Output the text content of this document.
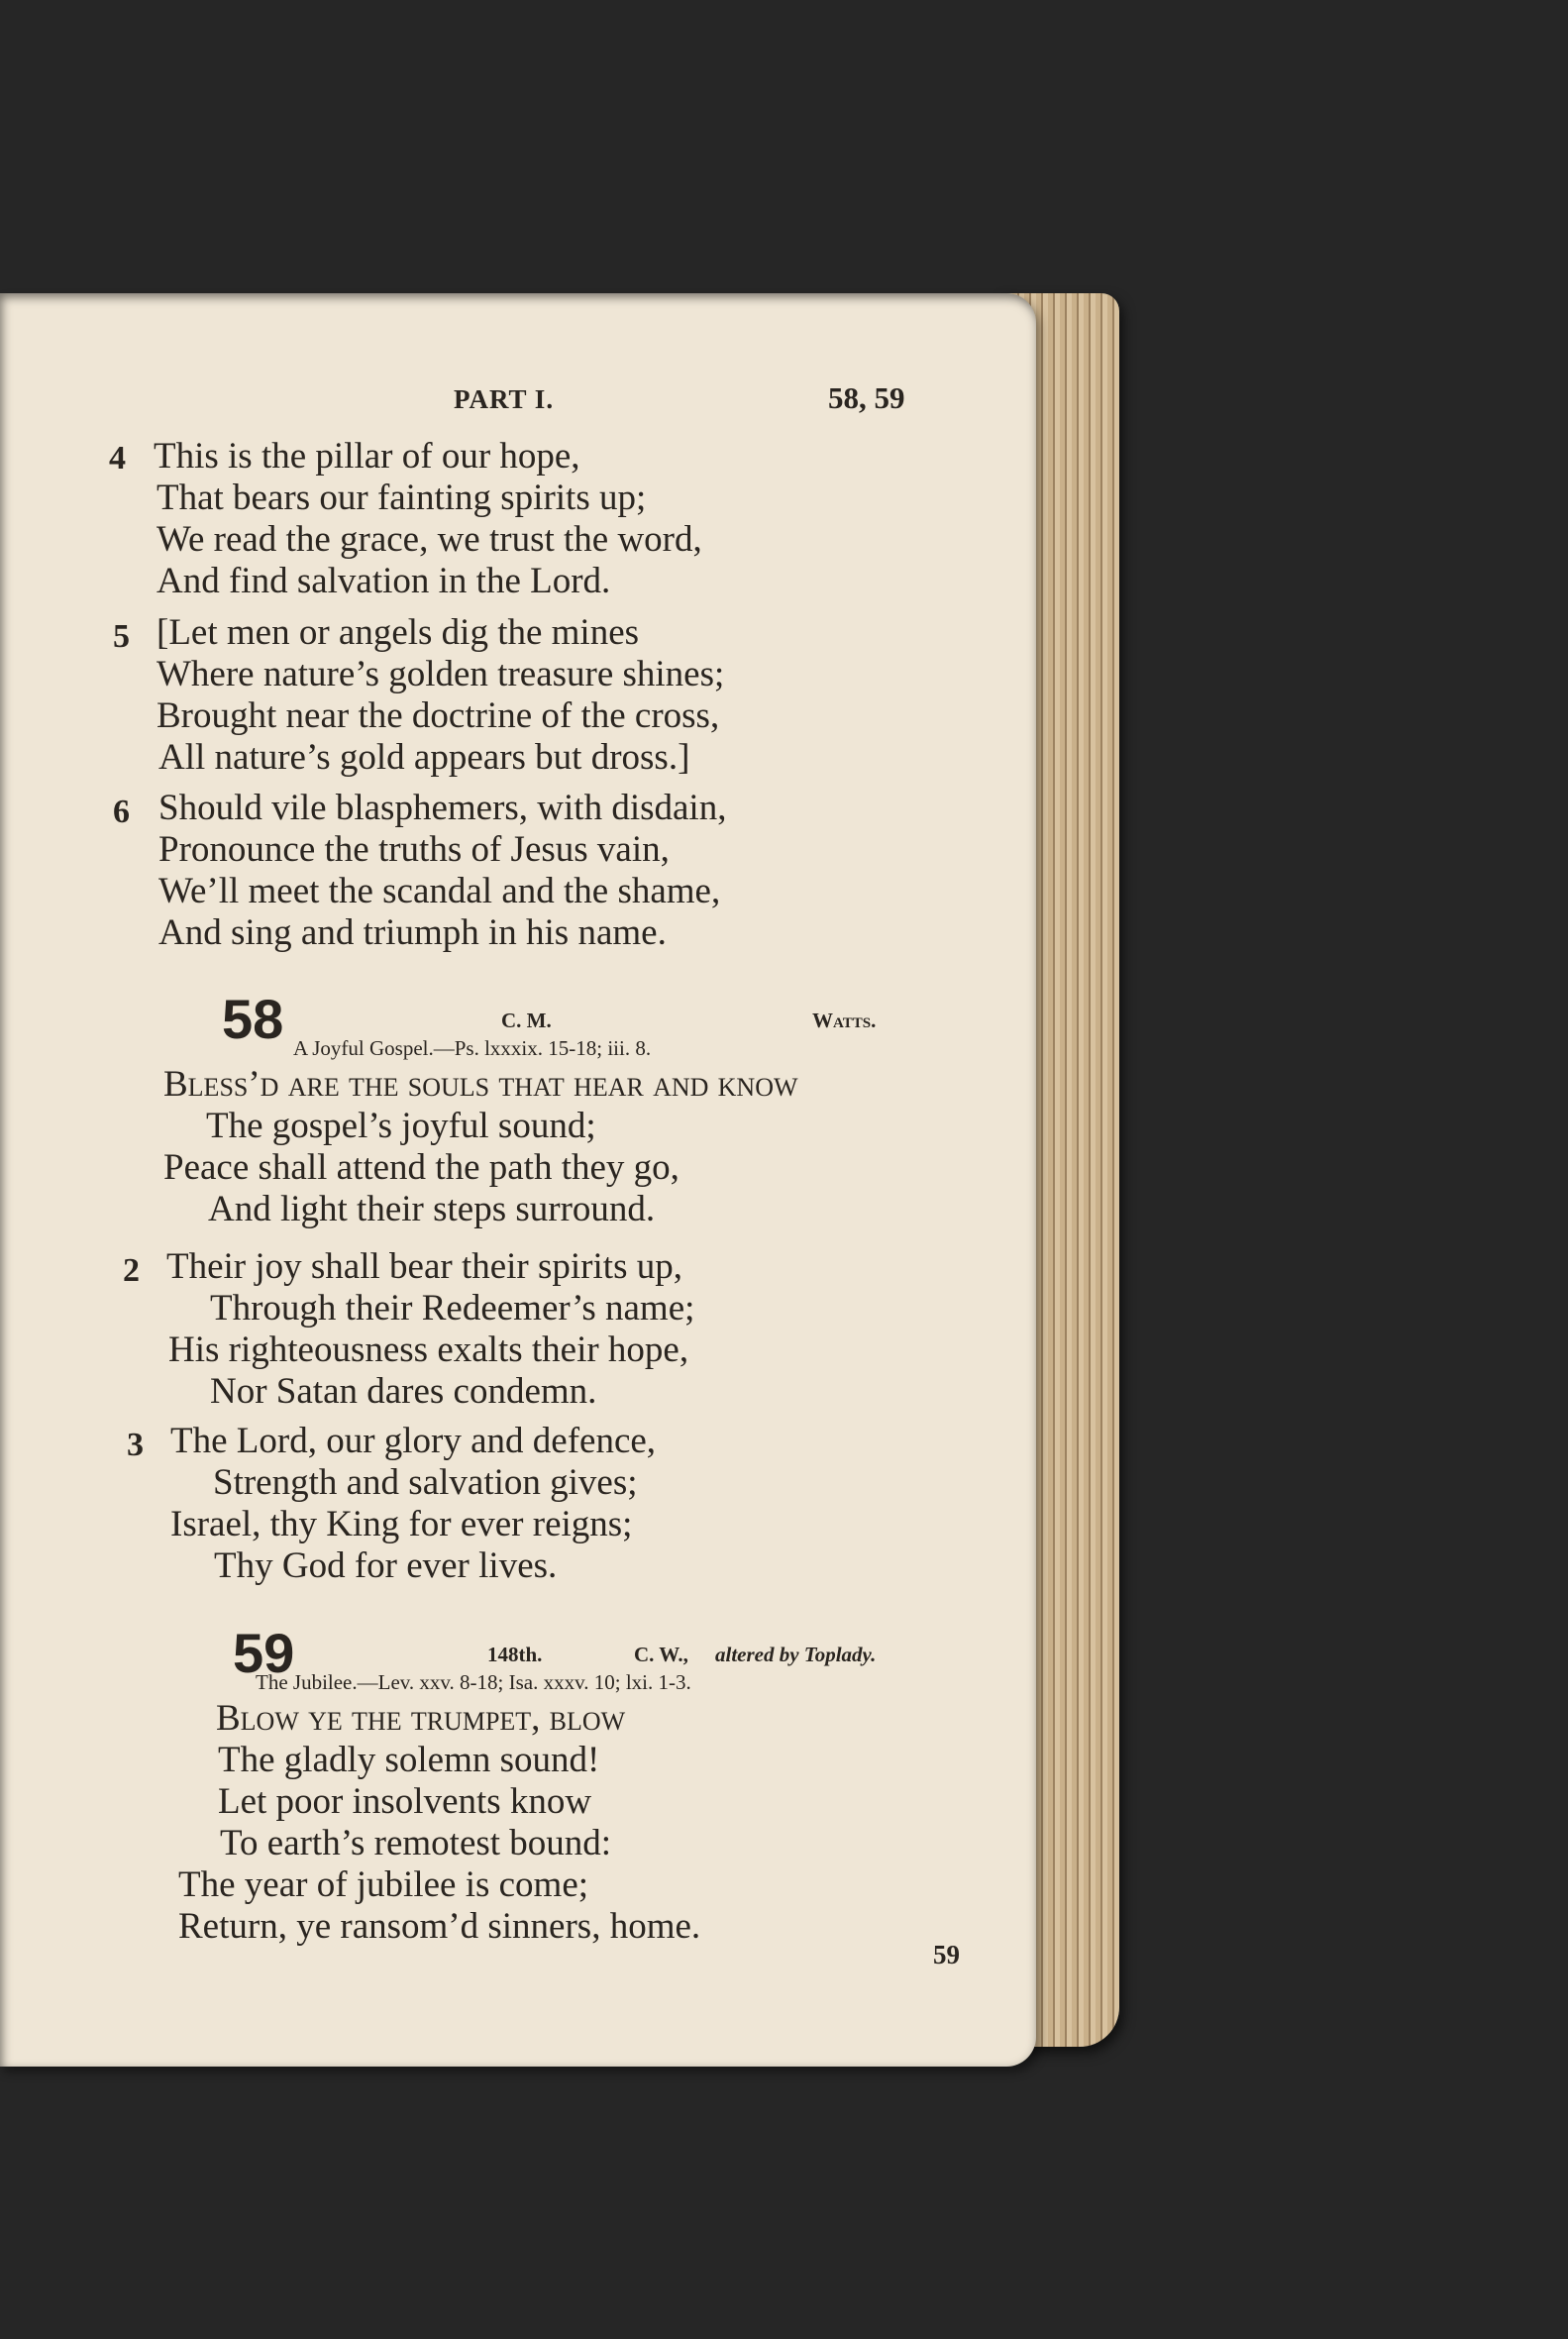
PART I.	58, 59
4 This is the pillar of our hope,
That bears our fainting spirits up;
We read the grace, we trust the word,
And find salvation in the Lord.
5 [Let men or angels dig the mines
Where nature’s golden treasure shines;
Brought near the doctrine of the cross,
All nature’s gold appears but dross.]
6 Should vile blasphemers, with disdain,
Pronounce the truths of Jesus vain,
We’ll meet the scandal and the shame,
And sing and triumph in his name.
58	C. M.	Watts.
A Joyful Gospel.—Ps. lxxxix. 15-18; iii. 8.
Bless’d are the souls that hear and know
The gospel’s joyful sound;
Peace shall attend the path they go,
And light their steps surround.
2 Their joy shall bear their spirits up,
Through their Redeemer’s name;
His righteousness exalts their hope,
Nor Satan dares condemn.
3 The Lord, our glory and defence,
Strength and salvation gives;
Israel, thy King for ever reigns;
Thy God for ever lives.
59	148th.	C. W., altered by Toplady.
The Jubilee.—Lev. xxv. 8-18; Isa. xxxv. 10; lxi. 1-3.
Blow ye the trumpet, blow
The gladly solemn sound!
Let poor insolvents know
To earth’s remotest bound:
The year of jubilee is come;
Return, ye ransom’d sinners, home.
59
